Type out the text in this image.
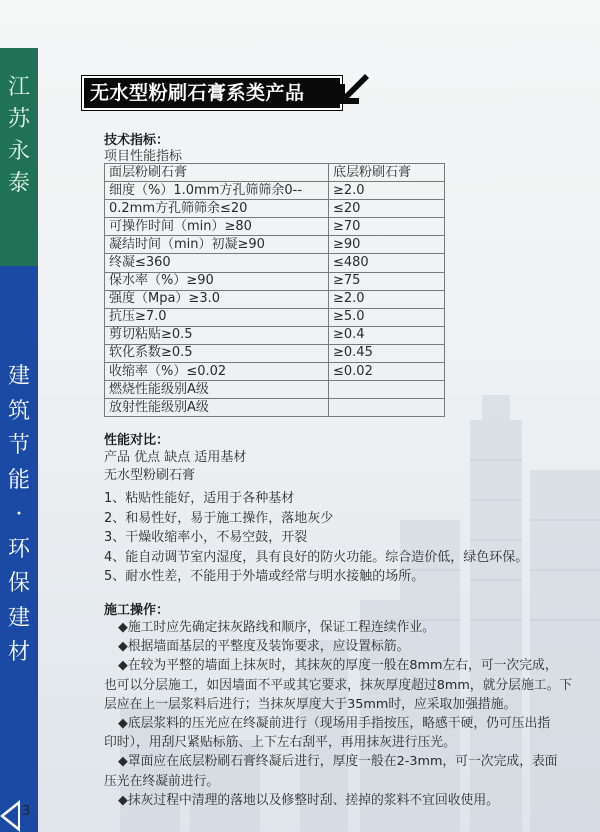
江
苏
永
泰
建
筑
节
能
·
环
保
建
材
3
无水型粉刷石膏系类产品
技术指标：
项目性能指标
面层粉刷石膏	底层粉刷石膏
细度（%）1.0mm方孔筛筛余0--	≥2.0
0.2mm方孔筛筛余≤20	≤20
可操作时间（min）≥80	≥70
凝结时间（min）初凝≥90	≥90
终凝≤360	≤480
保水率（%）≥90	≥75
强度（Mpa）≥3.0	≥2.0
抗压≥7.0	≥5.0
剪切粘贴≥0.5	≥0.4
软化系数≥0.5	≥0.45
收缩率（%）≤0.02	≤0.02
燃烧性能级别A级	
放射性能级别A级	
性能对比：
产品 优点 缺点 适用基材
无水型粉刷石膏
1、粘贴性能好，适用于各种基材
2、和易性好，易于施工操作，落地灰少
3、干燥收缩率小，不易空鼓，开裂
4、能自动调节室内湿度，具有良好的防火功能。综合造价低，绿色环保。
5、耐水性差，不能用于外墙或经常与明水接触的场所。
施工操作：
◆施工时应先确定抹灰路线和顺序，保证工程连续作业。
◆根据墙面基层的平整度及装饰要求，应设置标筋。
◆在较为平整的墙面上抹灰时，其抹灰的厚度一般在8mm左右，可一次完成，
也可以分层施工，如因墙面不平或其它要求，抹灰厚度超过8mm，就分层施工。下
层应在上一层浆料后进行；当抹灰厚度大于35mm时，应采取加强措施。
◆底层浆料的压光应在终凝前进行（现场用手指按压，略感干硬，仍可压出指
印时），用刮尺紧贴标筋、上下左右刮平，再用抹灰进行压光。
◆罩面应在底层粉刷石膏终凝后进行，厚度一般在2-3mm，可一次完成，表面
压光在终凝前进行。
◆抹灰过程中清理的落地以及修整时刮、搓掉的浆料不宜回收使用。
